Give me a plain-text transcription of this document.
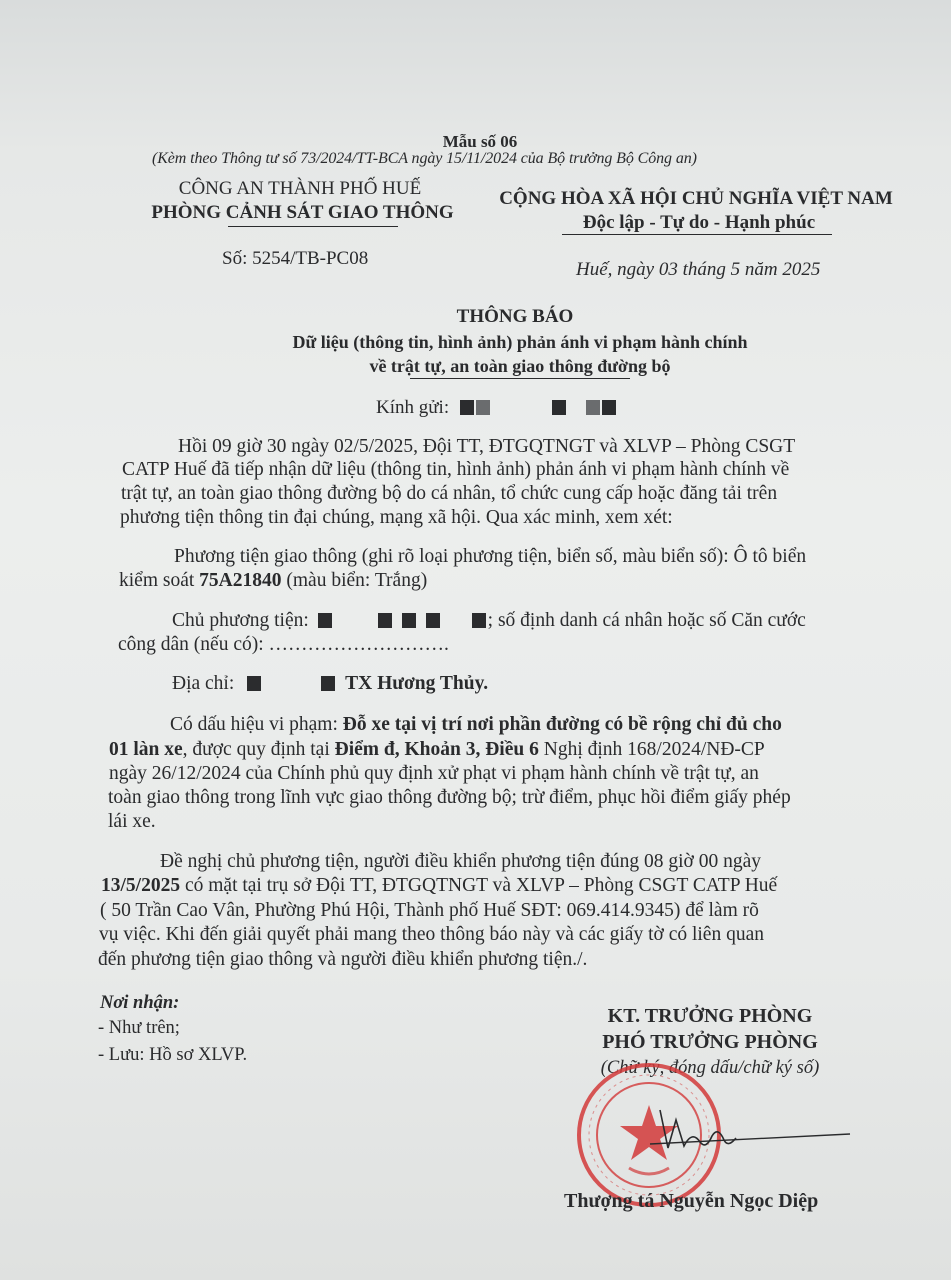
Mẫu số 06
(Kèm theo Thông tư số 73/2024/TT-BCA ngày 15/11/2024 của Bộ trưởng Bộ Công an)
CÔNG AN THÀNH PHỐ HUẾ
PHÒNG CẢNH SÁT GIAO THÔNG
CỘNG HÒA XÃ HỘI CHỦ NGHĨA VIỆT NAM
Độc lập - Tự do - Hạnh phúc
Số: 5254/TB-PC08
Huế, ngày 03 tháng 5 năm 2025
THÔNG BÁO
Dữ liệu (thông tin, hình ảnh) phản ánh vi phạm hành chính
về trật tự, an toàn giao thông đường bộ
Kính gửi:
Hồi 09 giờ 30 ngày 02/5/2025, Đội TT, ĐTGQTNGT và XLVP – Phòng CSGT
CATP Huế đã tiếp nhận dữ liệu (thông tin, hình ảnh) phản ánh vi phạm hành chính về
trật tự, an toàn giao thông đường bộ do cá nhân, tổ chức cung cấp hoặc đăng tải trên
phương tiện thông tin đại chúng, mạng xã hội. Qua xác minh, xem xét:
Phương tiện giao thông (ghi rõ loại phương tiện, biển số, màu biển số): Ô tô biển
kiểm soát 75A21840 (màu biển: Trắng)
Chủ phương tiện:	; số định danh cá nhân hoặc số Căn cước
công dân (nếu có): ……………………….
Địa chỉ:	TX Hương Thủy.
Có dấu hiệu vi phạm: Đỗ xe tại vị trí nơi phần đường có bề rộng chỉ đủ cho
01 làn xe, được quy định tại Điểm đ, Khoản 3, Điều 6 Nghị định 168/2024/NĐ-CP
ngày 26/12/2024 của Chính phủ quy định xử phạt vi phạm hành chính về trật tự, an
toàn giao thông trong lĩnh vực giao thông đường bộ; trừ điểm, phục hồi điểm giấy phép
lái xe.
Đề nghị chủ phương tiện, người điều khiển phương tiện đúng 08 giờ 00 ngày
13/5/2025 có mặt tại trụ sở Đội TT, ĐTGQTNGT và XLVP – Phòng CSGT CATP Huế
( 50 Trần Cao Vân, Phường Phú Hội, Thành phố Huế SĐT: 069.414.9345) để làm rõ
vụ việc. Khi đến giải quyết phải mang theo thông báo này và các giấy tờ có liên quan
đến phương tiện giao thông và người điều khiển phương tiện./.
Nơi nhận:
- Như trên;
- Lưu: Hồ sơ XLVP.
KT. TRƯỞNG PHÒNG
PHÓ TRƯỞNG PHÒNG
(Chữ ký, đóng dấu/chữ ký số)
Thượng tá Nguyễn Ngọc Diệp
